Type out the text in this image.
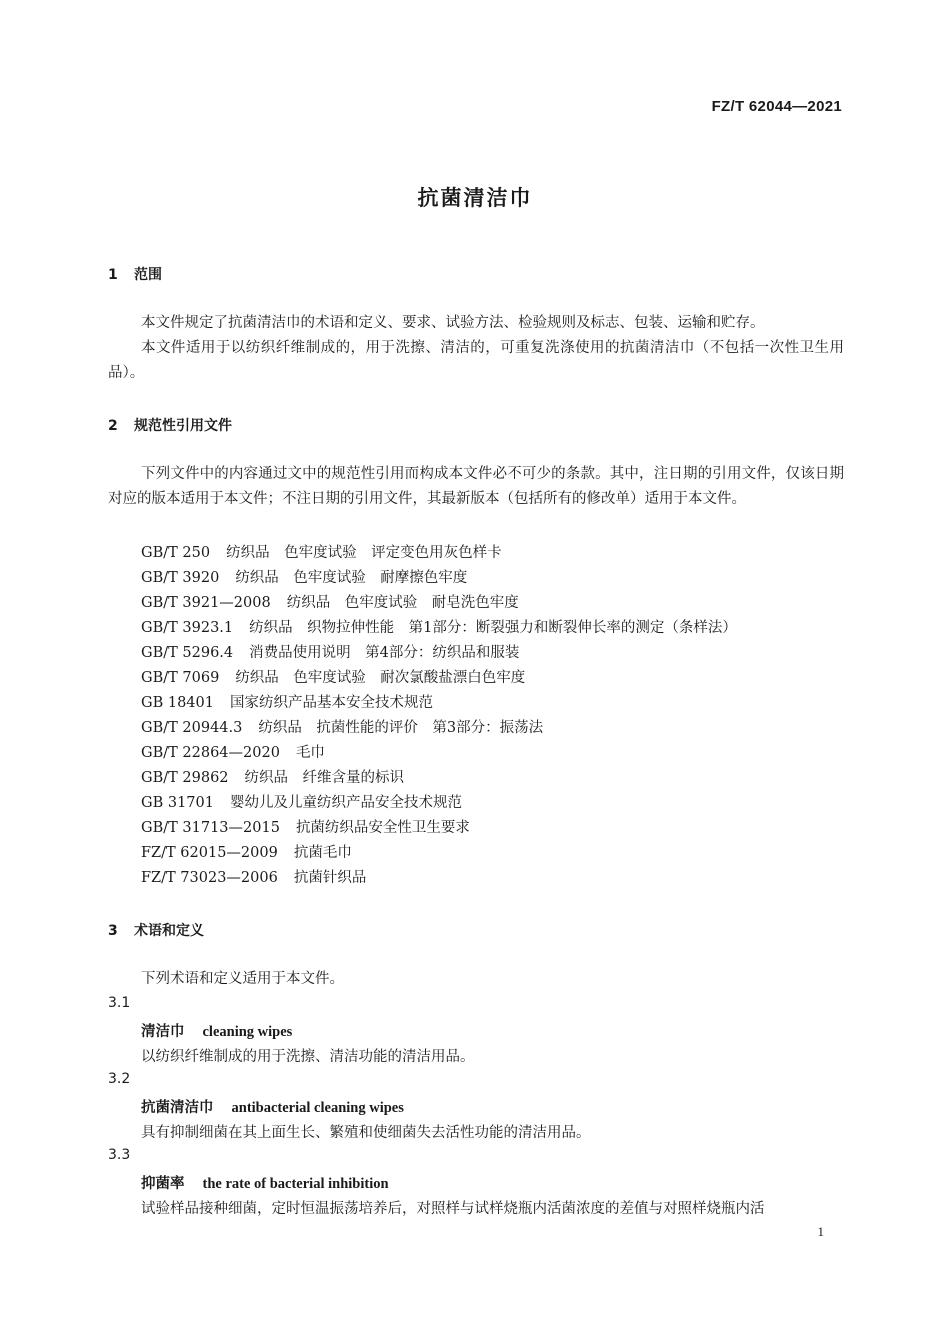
FZ/T 62044—2021
抗菌清洁巾
1 范围

本文件规定了抗菌清洁巾的术语和定义、要求、试验方法、检验规则及标志、包装、运输和贮存。

本文件适用于以纺织纤维制成的，用于洗擦、清洁的，可重复洗涤使用的抗菌清洁巾（不包括一次性卫生用品）。

2 规范性引用文件

下列文件中的内容通过文中的规范性引用而构成本文件必不可少的条款。其中，注日期的引用文件，仅该日期对应的版本适用于本文件；不注日期的引用文件，其最新版本（包括所有的修改单）适用于本文件。

GB/T 250 纺织品　色牢度试验　评定变色用灰色样卡
GB/T 3920 纺织品　色牢度试验　耐摩擦色牢度
GB/T 3921—2008 纺织品　色牢度试验　耐皂洗色牢度
GB/T 3923.1 纺织品　织物拉伸性能　第1部分：断裂强力和断裂伸长率的测定（条样法）
GB/T 5296.4 消费品使用说明　第4部分：纺织品和服装
GB/T 7069 纺织品　色牢度试验　耐次氯酸盐漂白色牢度
GB 18401 国家纺织产品基本安全技术规范
GB/T 20944.3 纺织品　抗菌性能的评价　第3部分：振荡法
GB/T 22864—2020 毛巾
GB/T 29862 纺织品　纤维含量的标识
GB 31701 婴幼儿及儿童纺织产品安全技术规范
GB/T 31713—2015 抗菌纺织品安全性卫生要求
FZ/T 62015—2009 抗菌毛巾
FZ/T 73023—2006 抗菌针织品
3 术语和定义
下列术语和定义适用于本文件。
3.1
清洁巾 cleaning wipes
以纺织纤维制成的用于洗擦、清洁功能的清洁用品。
3.2
抗菌清洁巾 antibacterial cleaning wipes
具有抑制细菌在其上面生长、繁殖和使细菌失去活性功能的清洁用品。
3.3
抑菌率 the rate of bacterial inhibition
试验样品接种细菌，定时恒温振荡培养后，对照样与试样烧瓶内活菌浓度的差值与对照样烧瓶内活
1
